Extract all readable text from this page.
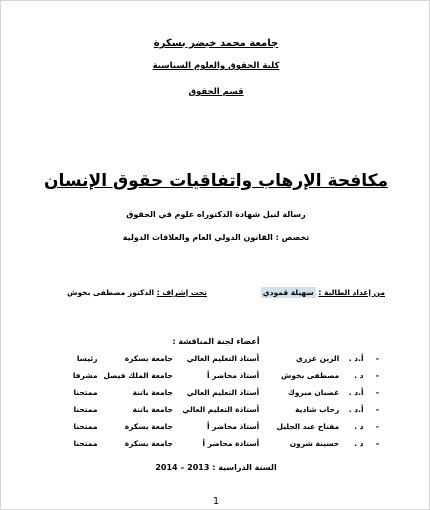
جامعة محمد خيضر بسكرة
كلية الحقوق والعلوم السياسية
قسم الحقوق
مكافحة الإرهاب واتفاقيات حقوق الإنسان
رسالة لنيل شهادة الدكتوراه علوم في الحقوق
تخصص : القانون الدولي العام والعلاقات الدولية
من إعداد الطالبة : سهيلة قمودي
تحت إشراف : الدكتور مصطفى بخوش
أعضاء لجنة المناقشة :
-	أ.د .	الزين عزري	أستاذ التعليم العالي	جامعة بسكرة	رئيسا
-	د .	مصطفى بخوش	أستاذ محاضر أ	جامعة الملك فيصل	مشرفا
-	أ.د .	غضبان مبروك	أستاذ التعليم العالي	جامعة باتنة	ممتحنا
-	أ.د .	رحاب شادية	أستاذة التعليم العالي	جامعة باتنة	ممتحنا
-	د .	مفتاح عبد الجليل	أستاذ محاضر أ	جامعة بسكرة	ممتحنا
-	د .	حسينة شرون	أستاذة محاضر أ	جامعة بسكرة	ممتحنا
السنة الدراسية : 2013 – 2014
1
